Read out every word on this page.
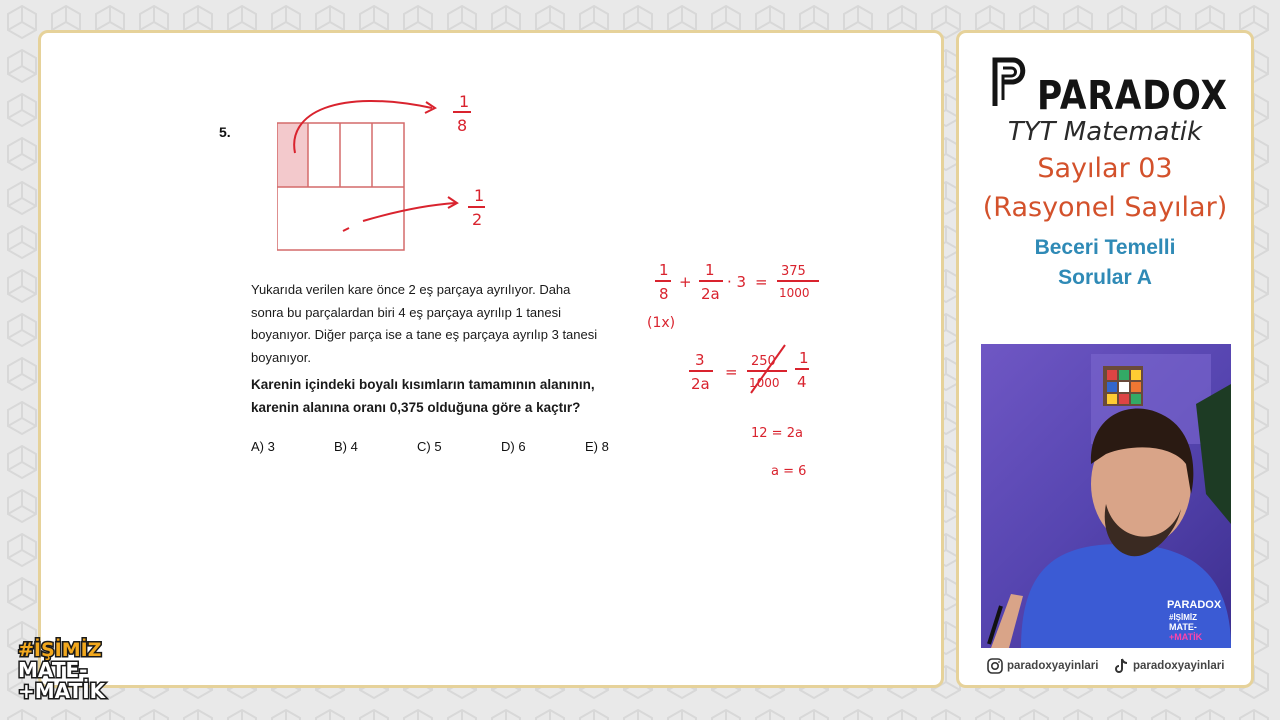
5.
1
8
1
2
Yukarıda verilen kare önce 2 eş parçaya ayrılıyor. Daha
sonra bu parçalardan biri 4 eş parçaya ayrılıp 1 tanesi
boyanıyor. Diğer parça ise a tane eş parçaya ayrılıp 3 tanesi
boyanıyor.
Karenin içindeki boyalı kısımların tamamının alanının,
karenin alanına oranı 0,375 olduğuna göre a kaçtır?
A) 3	B) 4	C) 5	D) 6	E) 8
1
8
+
1
2a
· 3 =
375
1000
(1x)
3
2a
=
250
1000
1
4
12 = 2a
a = 6
PARADOX
TYT Matematik
Sayılar 03
(Rasyonel Sayılar)
Beceri Temelli
Sorular A
PARADOX
#İŞİMİZ
MATE-
+MATİK
paradoxyayinlari	paradoxyayinlari
#İŞİMİZ
MATE-
+MATİK
